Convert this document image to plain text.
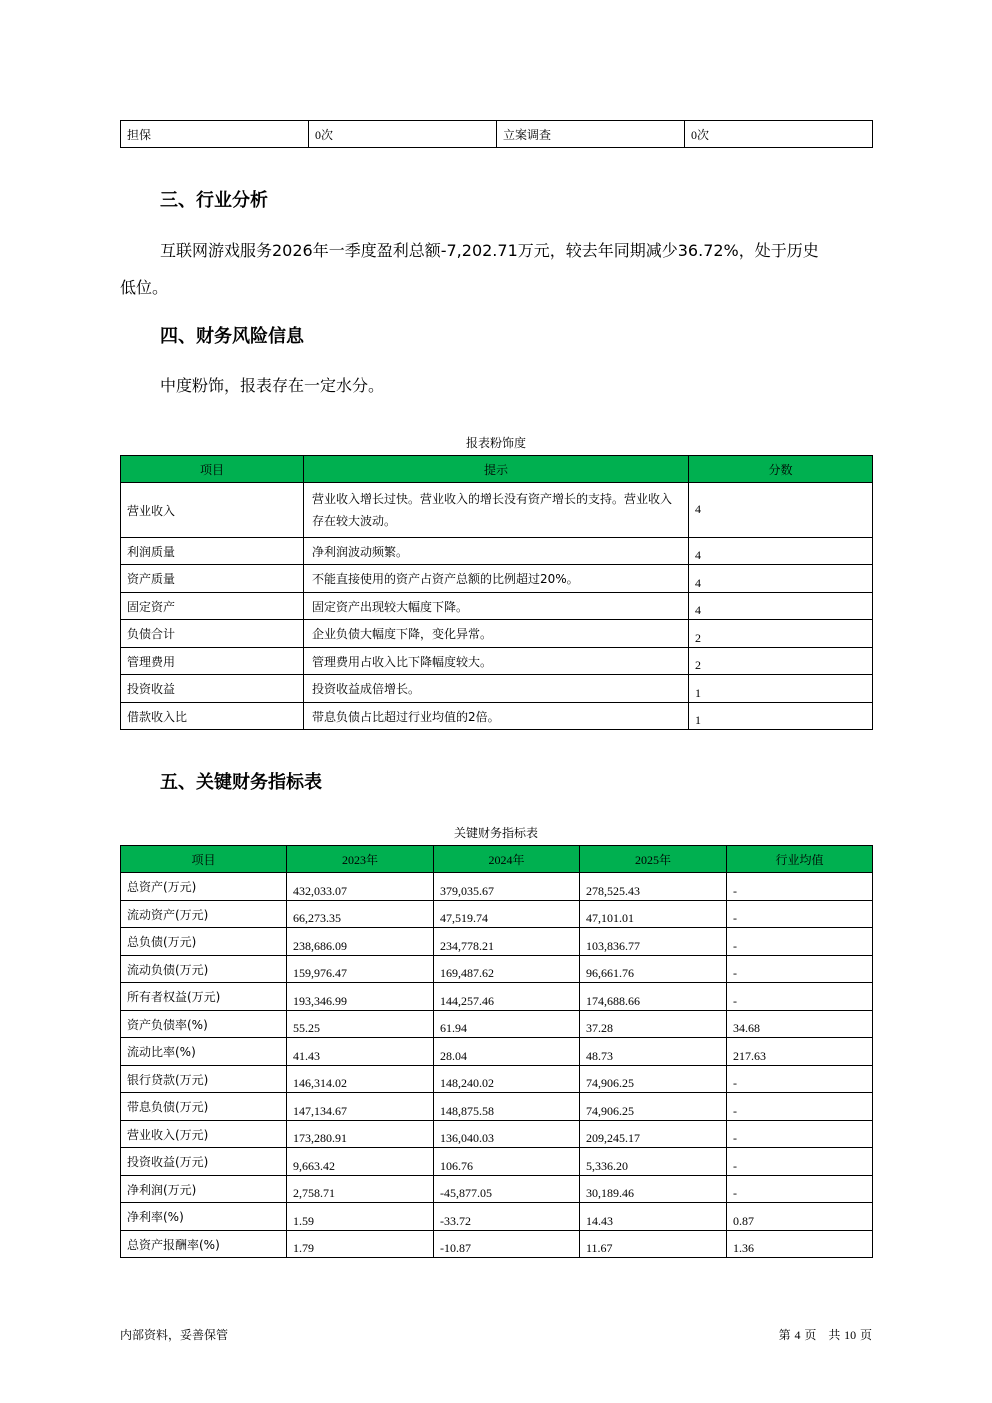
担保	0次	立案调查	0次
三、行业分析
互联网游戏服务2026年一季度盈利总额-7,202.71万元，较去年同期减少36.72%，处于历史
低位。
四、财务风险信息
中度粉饰，报表存在一定水分。
报表粉饰度
项目	提示	分数
营业收入	营业收入增长过快。营业收入的增长没有资产增长的支持。营业收入存在较大波动。	4
利润质量	净利润波动频繁。	4
资产质量	不能直接使用的资产占资产总额的比例超过20%。	4
固定资产	固定资产出现较大幅度下降。	4
负债合计	企业负债大幅度下降，变化异常。	2
管理费用	管理费用占收入比下降幅度较大。	2
投资收益	投资收益成倍增长。	1
借款收入比	带息负债占比超过行业均值的2倍。	1
五、关键财务指标表
关键财务指标表
项目	2023年	2024年	2025年	行业均值
总资产(万元)	432,033.07	379,035.67	278,525.43	-
流动资产(万元)	66,273.35	47,519.74	47,101.01	-
总负债(万元)	238,686.09	234,778.21	103,836.77	-
流动负债(万元)	159,976.47	169,487.62	96,661.76	-
所有者权益(万元)	193,346.99	144,257.46	174,688.66	-
资产负债率(%)	55.25	61.94	37.28	34.68
流动比率(%)	41.43	28.04	48.73	217.63
银行贷款(万元)	146,314.02	148,240.02	74,906.25	-
带息负债(万元)	147,134.67	148,875.58	74,906.25	-
营业收入(万元)	173,280.91	136,040.03	209,245.17	-
投资收益(万元)	9,663.42	106.76	5,336.20	-
净利润(万元)	2,758.71	-45,877.05	30,189.46	-
净利率(%)	1.59	-33.72	14.43	0.87
总资产报酬率(%)	1.79	-10.87	11.67	1.36
内部资料，妥善保管	第 4 页　共 10 页
